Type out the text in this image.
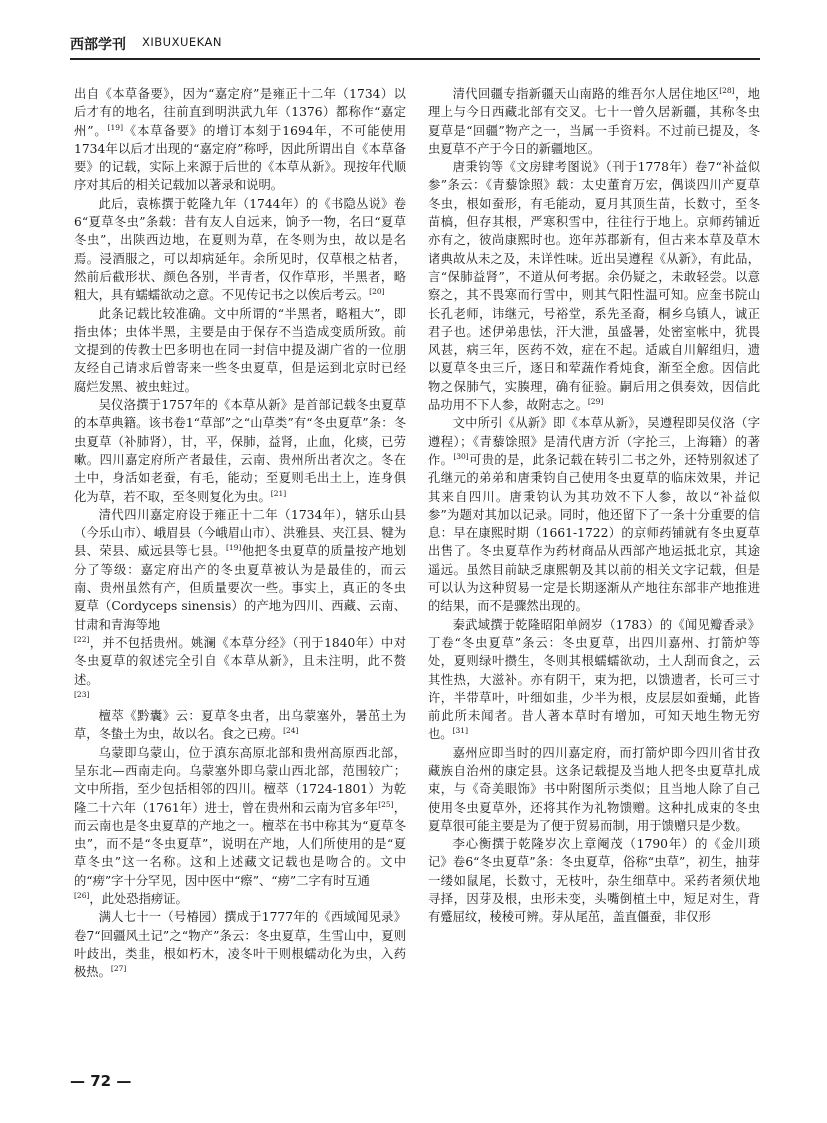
西部学刊 XIBUXUEKAN

出自《本草备要》，因为“嘉定府”是雍正十二年（1734）以后才有的地名，往前直到明洪武九年（1376）都称作“嘉定州”。[19]《本草备要》的增订本刻于1694年，不可能使用1734年以后才出现的“嘉定府”称呼，因此所谓出自《本草备要》的记载，实际上来源于后世的《本草从新》。现按年代顺序对其后的相关记载加以著录和说明。

此后，袁栋撰于乾隆九年（1744年）的《书隐丛说》卷6“夏草冬虫”条载：昔有友人自远来，饷予一物，名曰“夏草冬虫”，出陕西边地，在夏则为草，在冬则为虫，故以是名焉。浸酒服之，可以却病延年。余所见时，仅草根之枯者，然前后截形状、颜色各别，半青者，仅作草形，半黑者，略粗大，具有蠕蠕欲动之意。不见传记书之以俟后考云。[20]

此条记载比较准确。文中所谓的“半黑者，略粗大”，即指虫体；虫体半黑，主要是由于保存不当造成变质所致。前文提到的传教士巴多明也在同一封信中提及湖广省的一位朋友经自己请求后曾寄来一些冬虫夏草，但是运到北京时已经腐烂发黑、被虫蛀过。

吴仪洛撰于1757年的《本草从新》是首部记载冬虫夏草的本草典籍。该书卷1“草部”之“山草类”有“冬虫夏草”条：冬虫夏草（补肺肾），甘，平，保肺，益肾，止血，化痰，已劳嗽。四川嘉定府所产者最佳，云南、贵州所出者次之。冬在土中，身活如老蚕，有毛，能动；至夏则毛出土上，连身俱化为草，若不取，至冬则复化为虫。[21]

清代四川嘉定府设于雍正十二年（1734年），辖乐山县（今乐山市）、峨眉县（今峨眉山市）、洪雅县、夹江县、犍为县、荣县、威远县等七县。[19]他把冬虫夏草的质量按产地划分了等级：嘉定府出产的冬虫夏草被认为是最佳的，而云南、贵州虽然有产，但质量要次一些。事实上，真正的冬虫夏草（Cordyceps sinensis）的产地为四川、西藏、云南、甘肃和青海等地

[22]，并不包括贵州。姚澜《本草分经》（刊于1840年）中对冬虫夏草的叙述完全引自《本草从新》，且未注明，此不赘述。

[23]

檀萃《黔囊》云：夏草冬虫者，出乌蒙塞外，暑茁土为草，冬蛰土为虫，故以名。食之已痨。[24]

乌蒙即乌蒙山，位于滇东高原北部和贵州高原西北部，呈东北—西南走向。乌蒙塞外即乌蒙山西北部，范围较广；文中所指，至少包括相邻的四川。檀萃（1724-1801）为乾隆二十六年（1761年）进士，曾在贵州和云南为官多年[25]，而云南也是冬虫夏草的产地之一。檀萃在书中称其为“夏草冬虫”，而不是“冬虫夏草”，说明在产地，人们所使用的是“夏草冬虫”这一名称。这和上述藏文记载也是吻合的。文中的“痨”字十分罕见，因中医中“瘵”、“痨”二字有时互通

[26]，此处恐指痨证。

满人七十一（号椿园）撰成于1777年的《西域闻见录》卷7“回疆风土记”之“物产”条云：冬虫夏草，生雪山中，夏则叶歧出，类韭，根如朽木，凌冬叶干则根蠕动化为虫，入药极热。[27]

清代回疆专指新疆天山南路的维吾尔人居住地区[28]，地理上与今日西藏北部有交叉。七十一曾久居新疆，其称冬虫夏草是“回疆”物产之一，当属一手资料。不过前已提及，冬虫夏草不产于今日的新疆地区。

唐秉钧等《文房肆考图说》（刊于1778年）卷7“补益似参”条云：《青藜馀照》载：太史董育万宏，偶谈四川产夏草冬虫，根如蚕形，有毛能动，夏月其顶生苗，长数寸，至冬苗槁，但存其根，严寒积雪中，往往行于地上。京师药铺近亦有之，彼尚康熙时也。迩年苏郡新有，但古来本草及草木诸典故从未之及，未详性味。近出吴遵程《从新》，有此品，言“保肺益肾”，不道从何考据。余仍疑之，未敢轻尝。以意察之，其不畏寒而行雪中，则其气阳性温可知。应奎书院山长孔老师，讳继元，号裕堂，系先圣裔，桐乡乌镇人，诚正君子也。述伊弟患怯，汗大泄，虽盛暑，处密室帐中，犹畏风甚，病三年，医药不效，症在不起。适戚自川解组归，遗以夏草冬虫三斤，逐日和荤蔬作肴炖食，渐至全愈。因信此物之保肺气，实腠理，确有征验。嗣后用之俱奏效，因信此品功用不下人参，故附志之。[29]

文中所引《从新》即《本草从新》，吴遵程即吴仪洛（字遵程）；《青藜馀照》是清代唐方沂（字抡三，上海籍）的著作。[30]可贵的是，此条记载在转引二书之外，还特别叙述了孔继元的弟弟和唐秉钧自己使用冬虫夏草的临床效果，并记其来自四川。唐秉钧认为其功效不下人参，故以“补益似参”为题对其加以记录。同时，他还留下了一条十分重要的信息：早在康熙时期（1661-1722）的京师药铺就有冬虫夏草出售了。冬虫夏草作为药材商品从西部产地运抵北京，其途遥远。虽然目前缺乏康熙朝及其以前的相关文字记载，但是可以认为这种贸易一定是长期逐渐从产地往东部非产地推进的结果，而不是骤然出现的。

秦武域撰于乾隆昭阳单阏岁（1783）的《闻见瓣香录》丁卷“冬虫夏草”条云：冬虫夏草，出四川嘉州、打箭炉等处，夏则绿叶攒生，冬则其根蠕蠕欲动，土人刮而食之，云其性热，大滋补。亦有阴干，束为把，以馈遗者，长可三寸许，半带草叶，叶细如韭，少半为根，皮层层如蚕蛹，此皆前此所未闻者。昔人著本草时有增加，可知天地生物无穷也。[31]

嘉州应即当时的四川嘉定府，而打箭炉即今四川省甘孜藏族自治州的康定县。这条记载提及当地人把冬虫夏草扎成束，与《奇美眼饰》书中附图所示类似；且当地人除了自己使用冬虫夏草外，还将其作为礼物馈赠。这种扎成束的冬虫夏草很可能主要是为了便于贸易而制，用于馈赠只是少数。

李心衡撰于乾隆岁次上章阉茂（1790年）的《金川琐记》卷6“冬虫夏草”条：冬虫夏草，俗称“虫草”，初生，抽芽一缕如鼠尾，长数寸，无枝叶，杂生细草中。采药者须伏地寻择，因芽及根，虫形未变，头嘴倒植土中，短足对生，背有蹙屈纹，稜稜可辨。芽从尾茁，盖直僵蚕，非仅形

— 72 —
